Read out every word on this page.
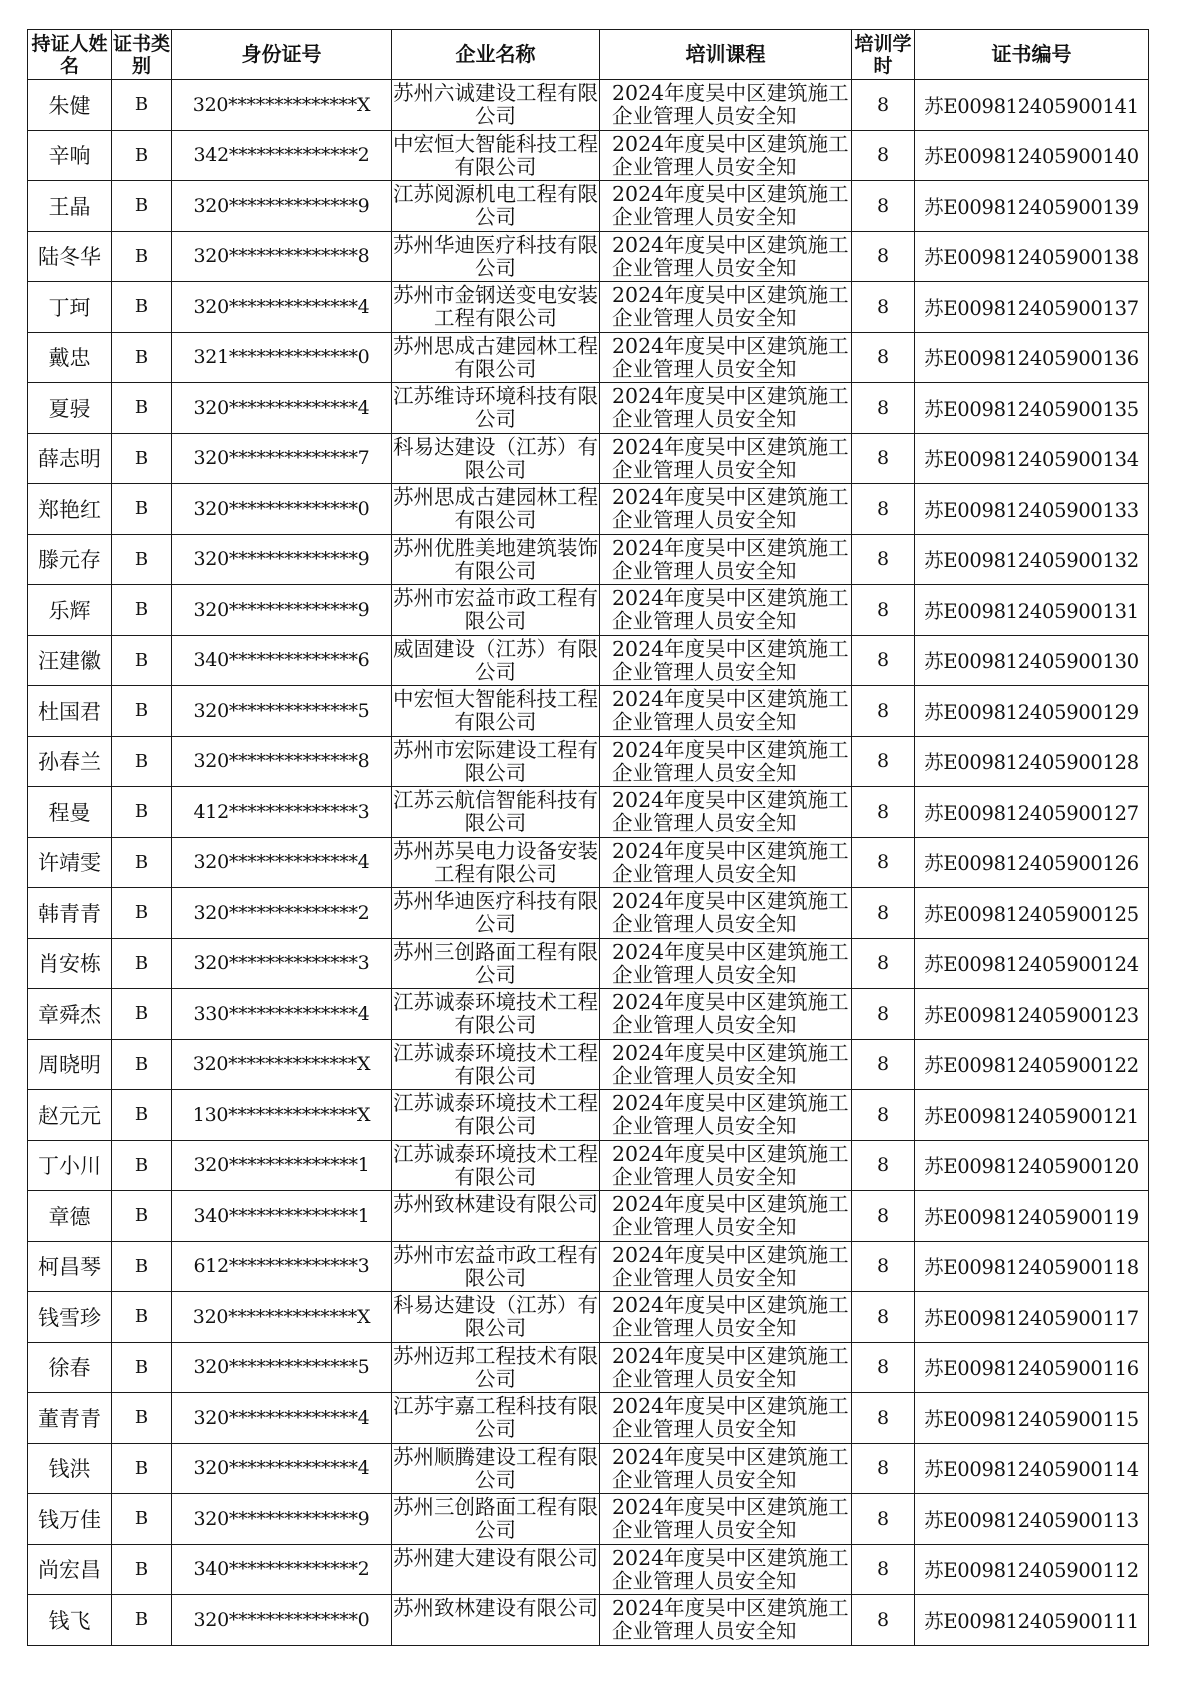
持证人姓名	证书类别	身份证号	企业名称	培训课程	培训学时	证书编号
朱健	B	320**************X	苏州六诚建设工程有限公司	2024年度吴中区建筑施工企业管理人员安全知	8	苏E009812405900141
辛响	B	342**************2	中宏恒大智能科技工程有限公司	2024年度吴中区建筑施工企业管理人员安全知	8	苏E009812405900140
王晶	B	320**************9	江苏阅源机电工程有限公司	2024年度吴中区建筑施工企业管理人员安全知	8	苏E009812405900139
陆冬华	B	320**************8	苏州华迪医疗科技有限公司	2024年度吴中区建筑施工企业管理人员安全知	8	苏E009812405900138
丁珂	B	320**************4	苏州市金钢送变电安装工程有限公司	2024年度吴中区建筑施工企业管理人员安全知	8	苏E009812405900137
戴忠	B	321**************0	苏州思成古建园林工程有限公司	2024年度吴中区建筑施工企业管理人员安全知	8	苏E009812405900136
夏骎	B	320**************4	江苏维诗环境科技有限公司	2024年度吴中区建筑施工企业管理人员安全知	8	苏E009812405900135
薛志明	B	320**************7	科易达建设（江苏）有限公司	2024年度吴中区建筑施工企业管理人员安全知	8	苏E009812405900134
郑艳红	B	320**************0	苏州思成古建园林工程有限公司	2024年度吴中区建筑施工企业管理人员安全知	8	苏E009812405900133
滕元存	B	320**************9	苏州优胜美地建筑装饰有限公司	2024年度吴中区建筑施工企业管理人员安全知	8	苏E009812405900132
乐辉	B	320**************9	苏州市宏益市政工程有限公司	2024年度吴中区建筑施工企业管理人员安全知	8	苏E009812405900131
汪建徽	B	340**************6	威固建设（江苏）有限公司	2024年度吴中区建筑施工企业管理人员安全知	8	苏E009812405900130
杜国君	B	320**************5	中宏恒大智能科技工程有限公司	2024年度吴中区建筑施工企业管理人员安全知	8	苏E009812405900129
孙春兰	B	320**************8	苏州市宏际建设工程有限公司	2024年度吴中区建筑施工企业管理人员安全知	8	苏E009812405900128
程曼	B	412**************3	江苏云航信智能科技有限公司	2024年度吴中区建筑施工企业管理人员安全知	8	苏E009812405900127
许靖雯	B	320**************4	苏州苏吴电力设备安装工程有限公司	2024年度吴中区建筑施工企业管理人员安全知	8	苏E009812405900126
韩青青	B	320**************2	苏州华迪医疗科技有限公司	2024年度吴中区建筑施工企业管理人员安全知	8	苏E009812405900125
肖安栋	B	320**************3	苏州三创路面工程有限公司	2024年度吴中区建筑施工企业管理人员安全知	8	苏E009812405900124
章舜杰	B	330**************4	江苏诚泰环境技术工程有限公司	2024年度吴中区建筑施工企业管理人员安全知	8	苏E009812405900123
周晓明	B	320**************X	江苏诚泰环境技术工程有限公司	2024年度吴中区建筑施工企业管理人员安全知	8	苏E009812405900122
赵元元	B	130**************X	江苏诚泰环境技术工程有限公司	2024年度吴中区建筑施工企业管理人员安全知	8	苏E009812405900121
丁小川	B	320**************1	江苏诚泰环境技术工程有限公司	2024年度吴中区建筑施工企业管理人员安全知	8	苏E009812405900120
章德	B	340**************1	苏州致林建设有限公司	2024年度吴中区建筑施工企业管理人员安全知	8	苏E009812405900119
柯昌琴	B	612**************3	苏州市宏益市政工程有限公司	2024年度吴中区建筑施工企业管理人员安全知	8	苏E009812405900118
钱雪珍	B	320**************X	科易达建设（江苏）有限公司	2024年度吴中区建筑施工企业管理人员安全知	8	苏E009812405900117
徐春	B	320**************5	苏州迈邦工程技术有限公司	2024年度吴中区建筑施工企业管理人员安全知	8	苏E009812405900116
董青青	B	320**************4	江苏宇嘉工程科技有限公司	2024年度吴中区建筑施工企业管理人员安全知	8	苏E009812405900115
钱洪	B	320**************4	苏州顺腾建设工程有限公司	2024年度吴中区建筑施工企业管理人员安全知	8	苏E009812405900114
钱万佳	B	320**************9	苏州三创路面工程有限公司	2024年度吴中区建筑施工企业管理人员安全知	8	苏E009812405900113
尚宏昌	B	340**************2	苏州建大建设有限公司	2024年度吴中区建筑施工企业管理人员安全知	8	苏E009812405900112
钱飞	B	320**************0	苏州致林建设有限公司	2024年度吴中区建筑施工企业管理人员安全知	8	苏E009812405900111
